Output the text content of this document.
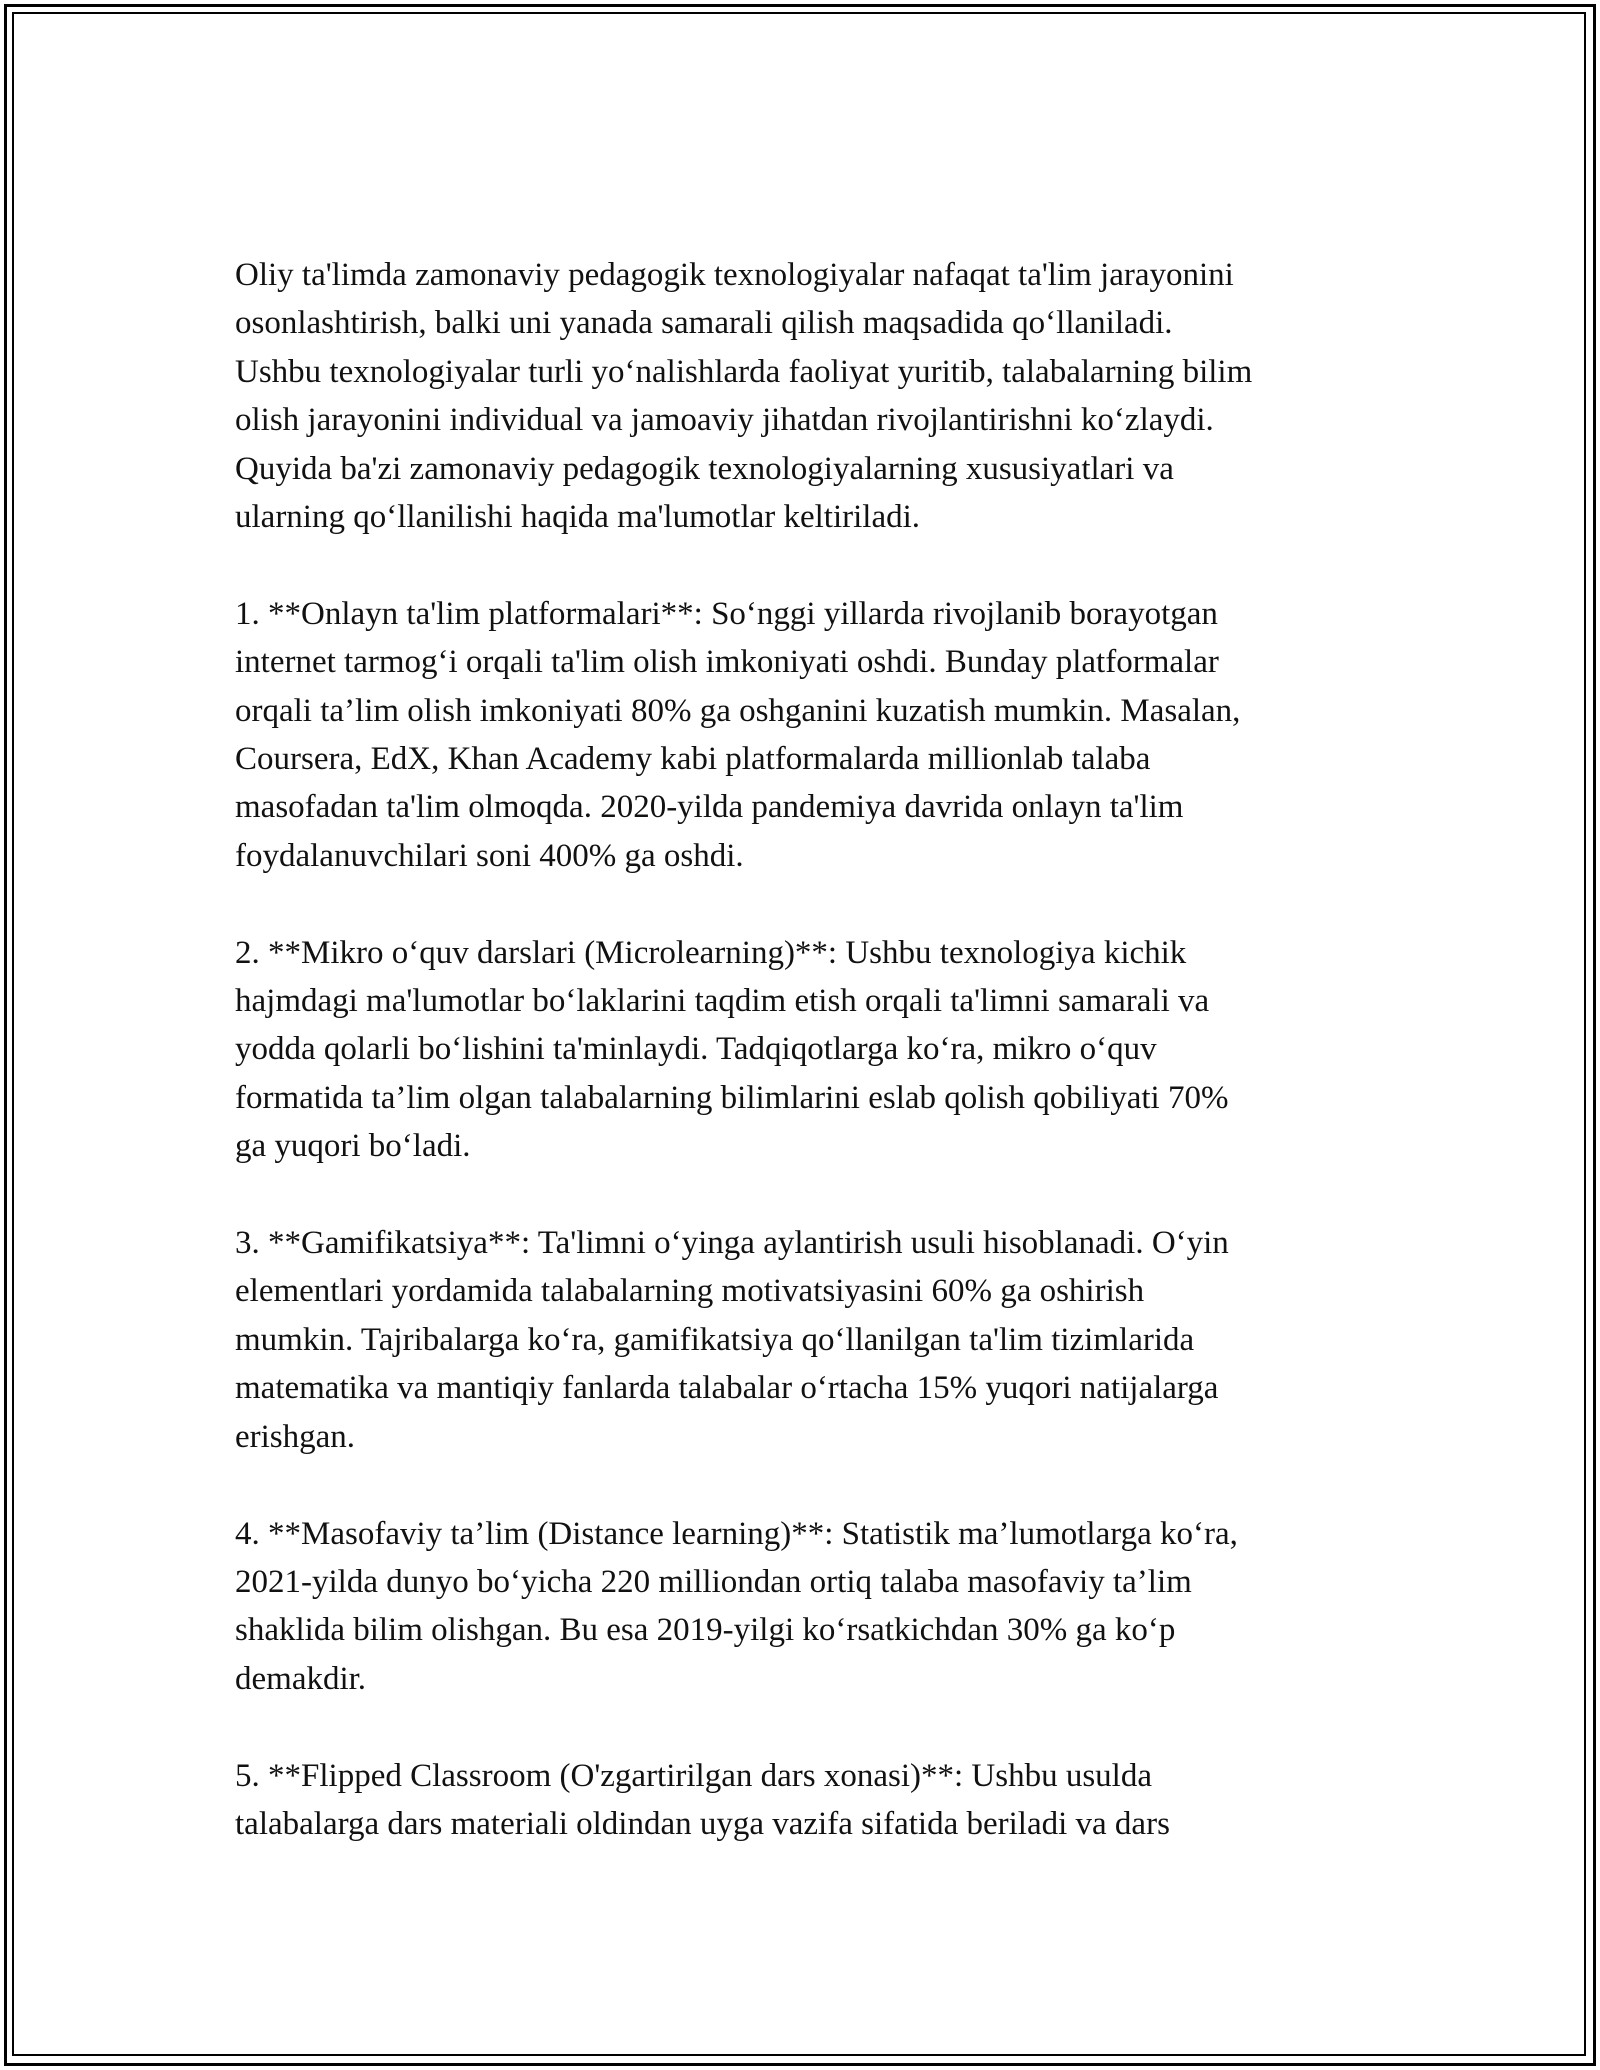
Oliy ta'limda zamonaviy pedagogik texnologiyalar nafaqat ta'lim jarayonini
osonlashtirish, balki uni yanada samarali qilish maqsadida qo‘llaniladi.
Ushbu texnologiyalar turli yo‘nalishlarda faoliyat yuritib, talabalarning bilim
olish jarayonini individual va jamoaviy jihatdan rivojlantirishni ko‘zlaydi.
Quyida ba'zi zamonaviy pedagogik texnologiyalarning xususiyatlari va
ularning qo‘llanilishi haqida ma'lumotlar keltiriladi.

1. **Onlayn ta'lim platformalari**: So‘nggi yillarda rivojlanib borayotgan
internet tarmog‘i orqali ta'lim olish imkoniyati oshdi. Bunday platformalar
orqali ta’lim olish imkoniyati 80% ga oshganini kuzatish mumkin. Masalan,
Coursera, EdX, Khan Academy kabi platformalarda millionlab talaba
masofadan ta'lim olmoqda. 2020-yilda pandemiya davrida onlayn ta'lim
foydalanuvchilari soni 400% ga oshdi.

2. **Mikro o‘quv darslari (Microlearning)**: Ushbu texnologiya kichik
hajmdagi ma'lumotlar bo‘laklarini taqdim etish orqali ta'limni samarali va
yodda qolarli bo‘lishini ta'minlaydi. Tadqiqotlarga ko‘ra, mikro o‘quv
formatida ta’lim olgan talabalarning bilimlarini eslab qolish qobiliyati 70%
ga yuqori bo‘ladi.

3. **Gamifikatsiya**: Ta'limni o‘yinga aylantirish usuli hisoblanadi. O‘yin
elementlari yordamida talabalarning motivatsiyasini 60% ga oshirish
mumkin. Tajribalarga ko‘ra, gamifikatsiya qo‘llanilgan ta'lim tizimlarida
matematika va mantiqiy fanlarda talabalar o‘rtacha 15% yuqori natijalarga
erishgan.

4. **Masofaviy ta’lim (Distance learning)**: Statistik ma’lumotlarga ko‘ra,
2021-yilda dunyo bo‘yicha 220 milliondan ortiq talaba masofaviy ta’lim
shaklida bilim olishgan. Bu esa 2019-yilgi ko‘rsatkichdan 30% ga ko‘p
demakdir.

5. **Flipped Classroom (O'zgartirilgan dars xonasi)**: Ushbu usulda
talabalarga dars materiali oldindan uyga vazifa sifatida beriladi va dars
